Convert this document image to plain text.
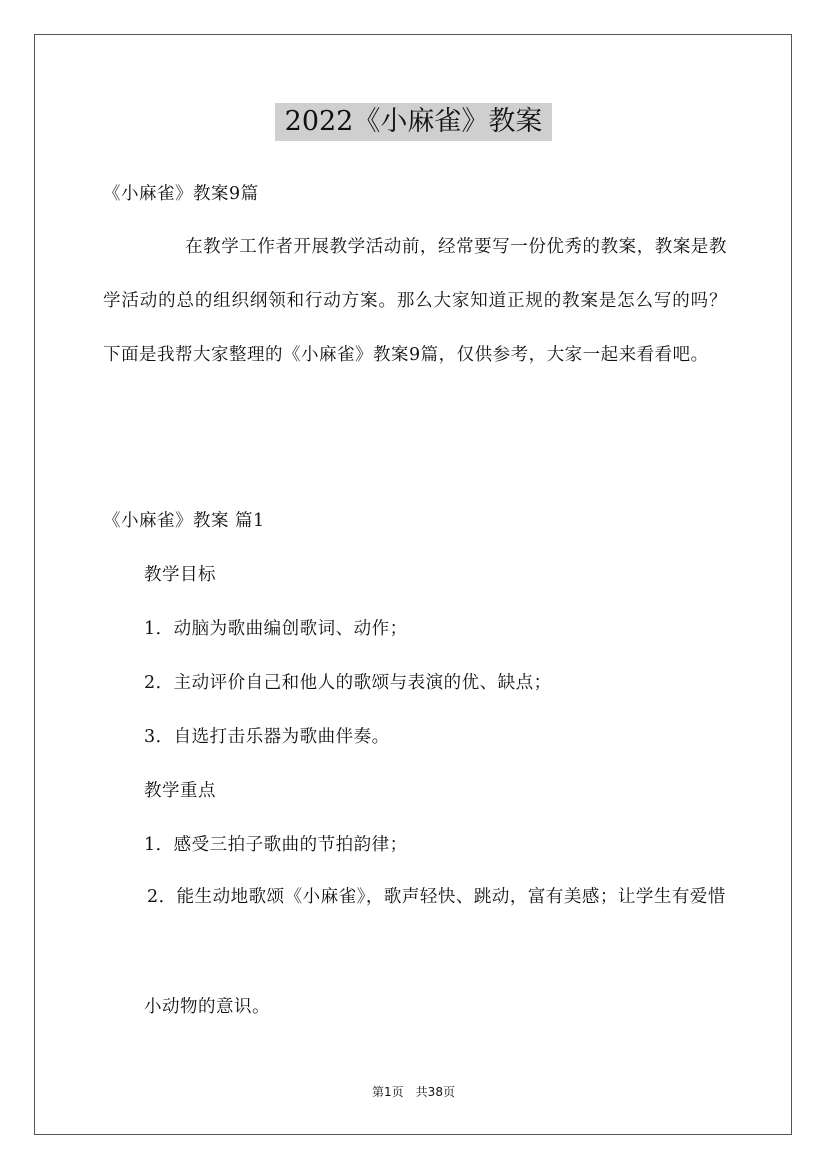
2022《小麻雀》教案
《小麻雀》教案9篇
在教学工作者开展教学活动前，经常要写一份优秀的教案，教案是教学活动的总的组织纲领和行动方案。那么大家知道正规的教案是怎么写的吗？下面是我帮大家整理的《小麻雀》教案9篇，仅供参考，大家一起来看看吧。
《小麻雀》教案 篇1
教学目标
1．动脑为歌曲编创歌词、动作；
2．主动评价自己和他人的歌颂与表演的优、缺点；
3．自选打击乐器为歌曲伴奏。
教学重点
1．感受三拍子歌曲的节拍韵律；
2．能生动地歌颂《小麻雀》，歌声轻快、跳动，富有美感；让学生有爱惜
小动物的意识。
第1页　共38页
